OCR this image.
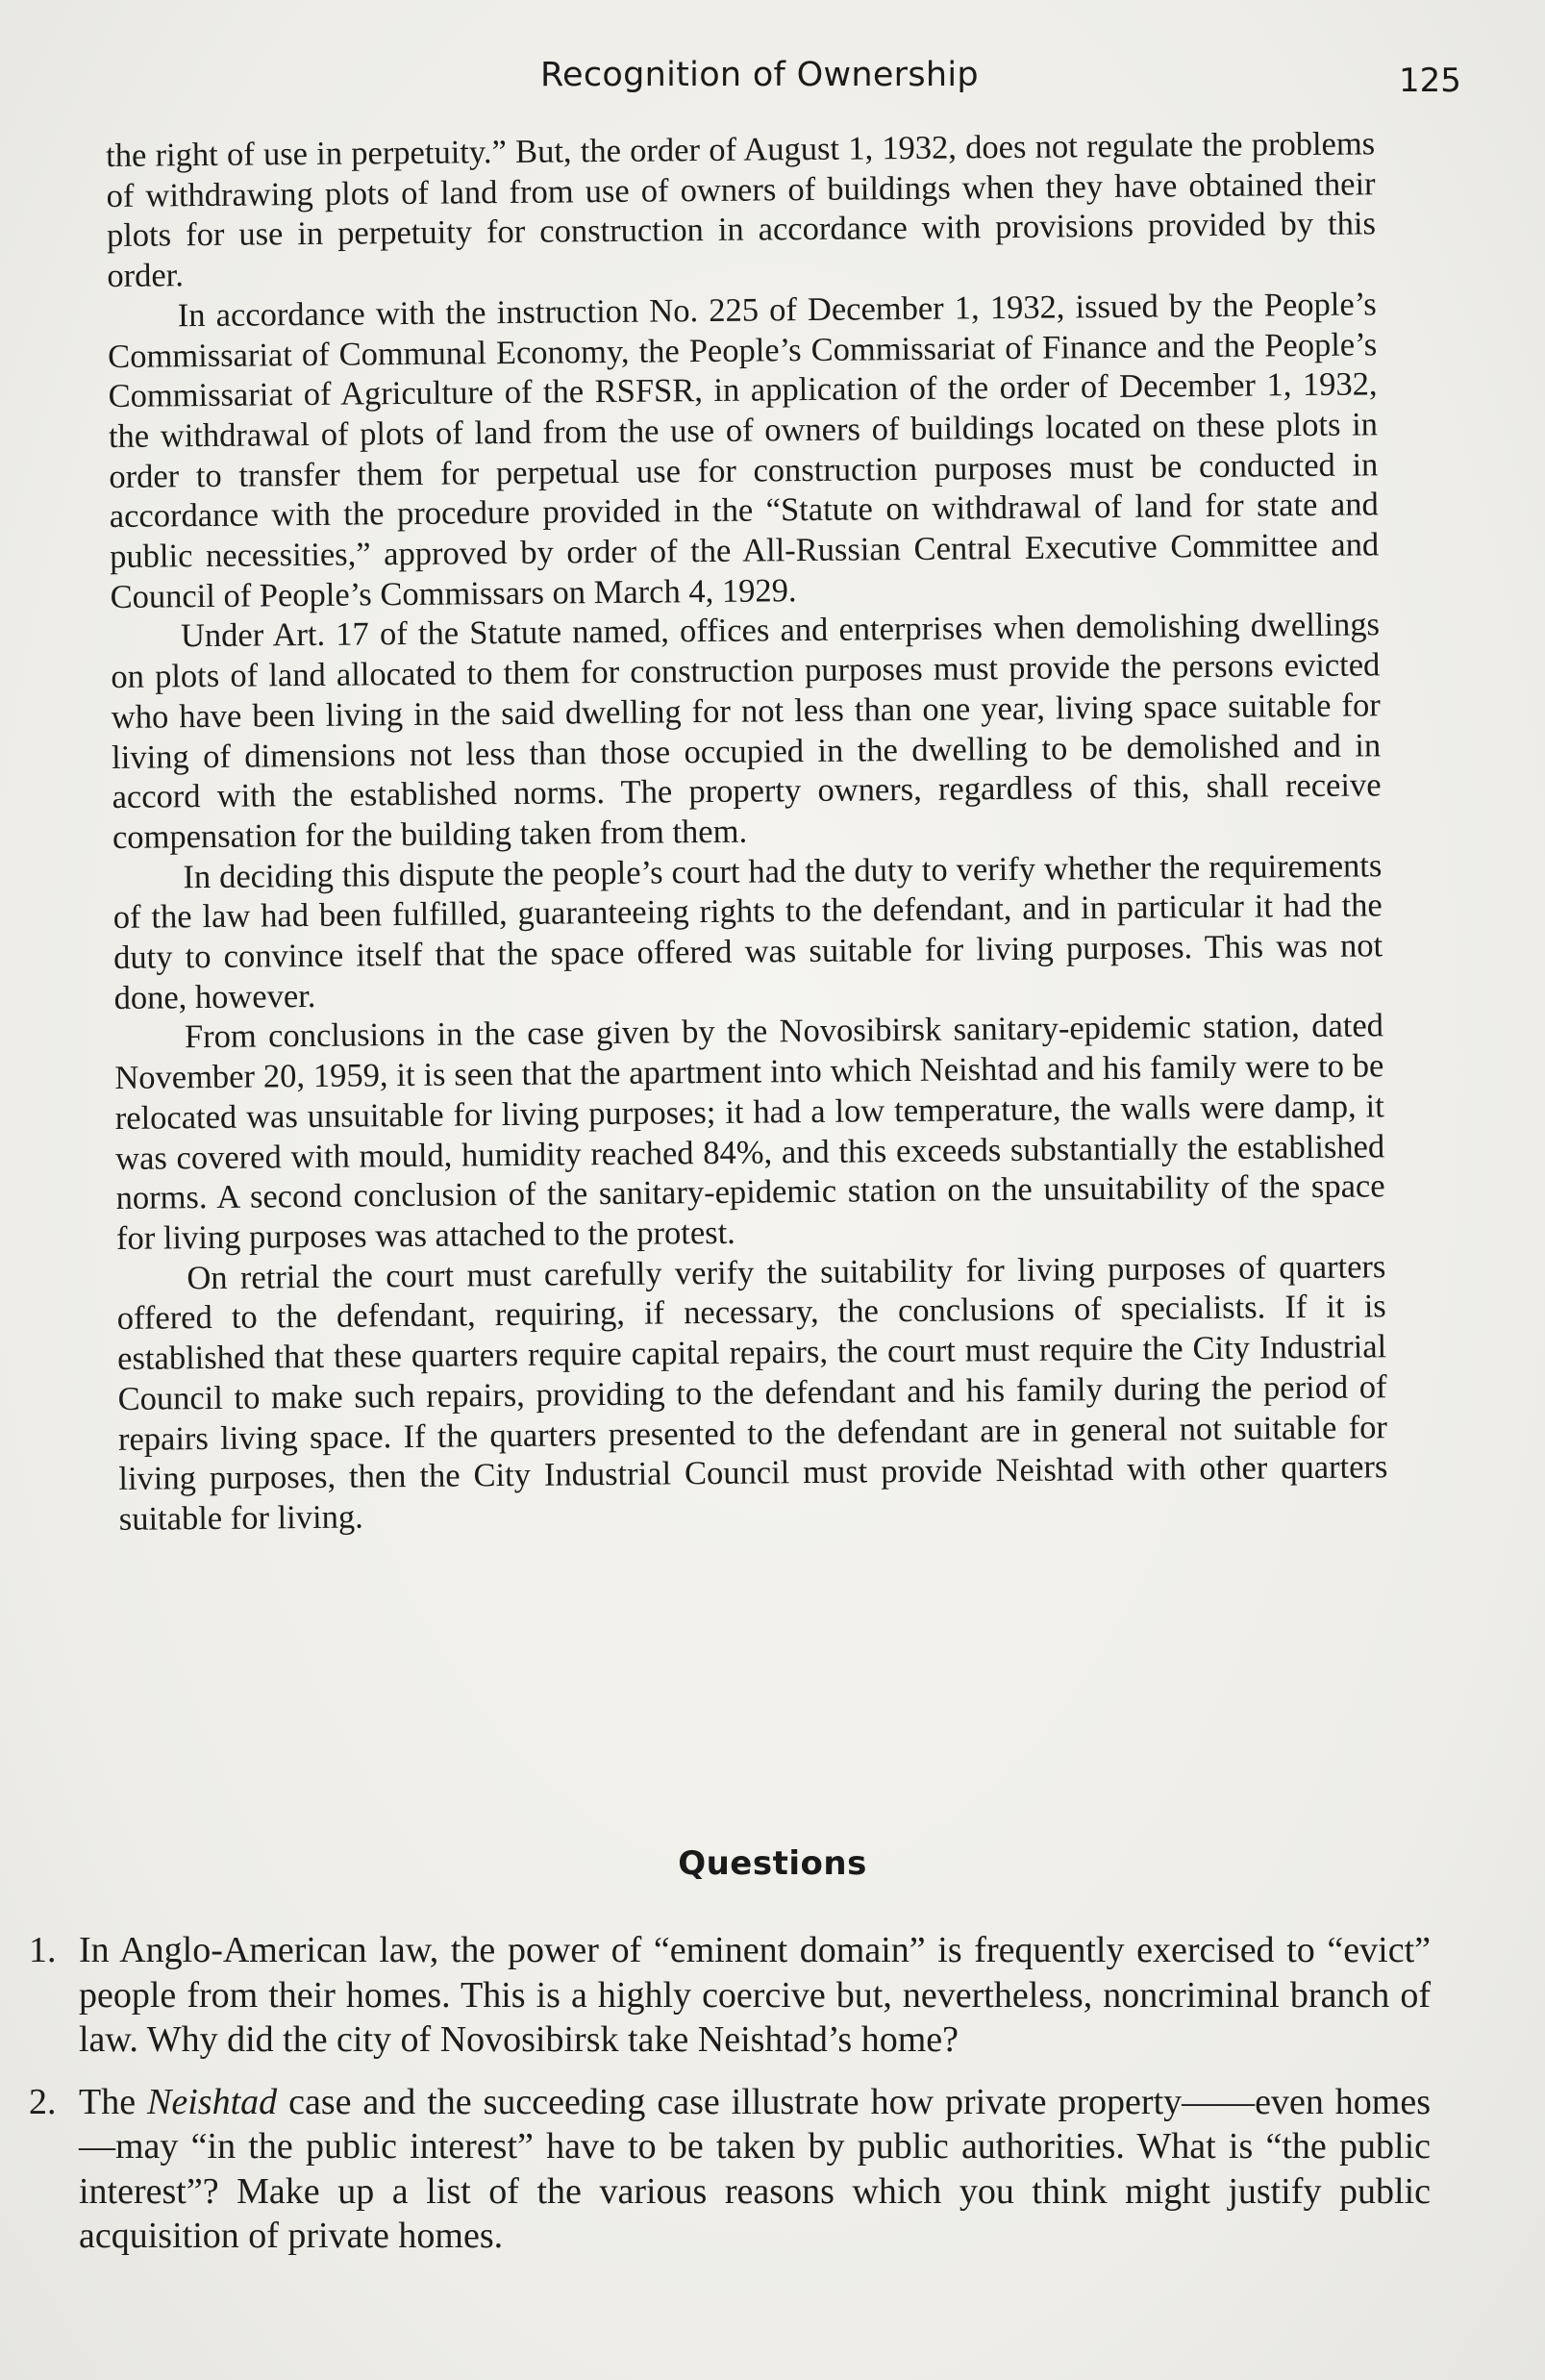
Recognition of Ownership	125

the right of use in perpetuity.” But, the order of August 1, 1932, does not regulate the problems of withdrawing plots of land from use of owners of buildings when they have obtained their plots for use in perpetuity for construction in accordance with provisions provided by this order.

In accordance with the instruction No. 225 of December 1, 1932, issued by the People’s Commissariat of Communal Economy, the People’s Commissariat of Finance and the People’s Commissariat of Agriculture of the RSFSR, in application of the order of December 1, 1932, the withdrawal of plots of land from the use of owners of buildings located on these plots in order to transfer them for perpetual use for construction purposes must be conducted in accordance with the procedure provided in the “Statute on withdrawal of land for state and public necessities,” approved by order of the All-Russian Central Executive Committee and Council of People’s Commissars on March 4, 1929.

Under Art. 17 of the Statute named, offices and enterprises when demolishing dwellings on plots of land allocated to them for construction purposes must provide the persons evicted who have been living in the said dwelling for not less than one year, living space suitable for living of dimensions not less than those occupied in the dwelling to be demolished and in accord with the established norms. The property owners, regardless of this, shall receive compensation for the building taken from them.

In deciding this dispute the people’s court had the duty to verify whether the requirements of the law had been fulfilled, guaranteeing rights to the defendant, and in particular it had the duty to convince itself that the space offered was suitable for living purposes. This was not done, however.

From conclusions in the case given by the Novosibirsk sanitary-epidemic station, dated November 20, 1959, it is seen that the apartment into which Neishtad and his family were to be relocated was unsuitable for living purposes; it had a low temperature, the walls were damp, it was covered with mould, humidity reached 84%, and this exceeds substantially the established norms. A second conclusion of the sanitary-epidemic station on the unsuitability of the space for living purposes was attached to the protest.

On retrial the court must carefully verify the suitability for living purposes of quarters offered to the defendant, requiring, if necessary, the conclusions of specialists. If it is established that these quarters require capital repairs, the court must require the City Industrial Council to make such repairs, providing to the defendant and his family during the period of repairs living space. If the quarters presented to the defendant are in general not suitable for living purposes, then the City Industrial Council must provide Neishtad with other quarters suitable for living.

Questions
1. In Anglo-American law, the power of “eminent domain” is frequently exercised to “evict” people from their homes. This is a highly coercive but, nevertheless, noncriminal branch of law. Why did the city of Novosibirsk take Neishtad’s home?
2. The Neishtad case and the succeeding case illustrate how private property——even homes—may “in the public interest” have to be taken by public authorities. What is “the public interest”? Make up a list of the various reasons which you think might justify public acquisition of private homes.
